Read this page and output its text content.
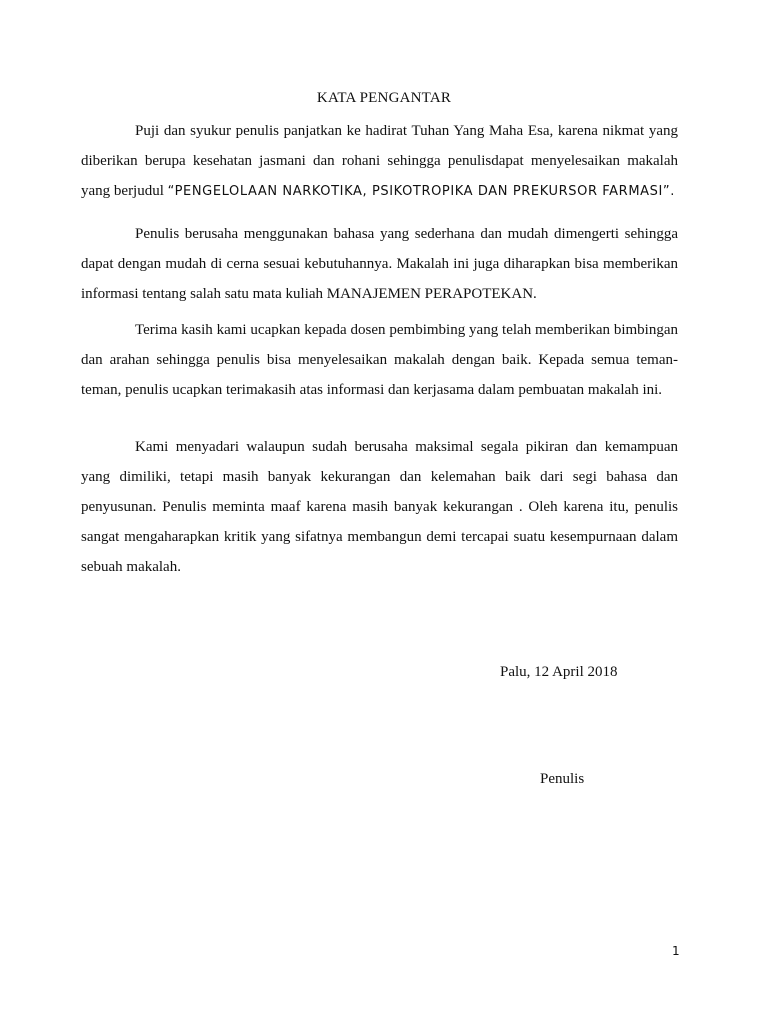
KATA PENGANTAR

Puji dan syukur penulis panjatkan ke hadirat Tuhan Yang Maha Esa, karena nikmat yang diberikan berupa kesehatan jasmani dan rohani sehingga penulisdapat menyelesaikan makalah yang berjudul “PENGELOLAAN NARKOTIKA, PSIKOTROPIKA DAN PREKURSOR FARMASI”.

Penulis berusaha menggunakan bahasa yang sederhana dan mudah dimengerti sehingga dapat dengan mudah di cerna sesuai kebutuhannya. Makalah ini juga diharapkan bisa memberikan informasi tentang salah satu mata kuliah MANAJEMEN PERAPOTEKAN.

Terima kasih kami ucapkan kepada dosen pembimbing yang telah memberikan bimbingan dan arahan sehingga penulis bisa menyelesaikan makalah dengan baik. Kepada semua teman-teman, penulis ucapkan terimakasih atas informasi dan kerjasama dalam pembuatan makalah ini.

Kami menyadari walaupun sudah berusaha maksimal segala pikiran dan kemampuan yang dimiliki, tetapi masih banyak kekurangan dan kelemahan baik dari segi bahasa dan penyusunan. Penulis meminta maaf karena masih banyak kekurangan . Oleh karena itu, penulis sangat mengaharapkan kritik yang sifatnya membangun demi tercapai suatu kesempurnaan dalam sebuah makalah.

Palu, 12 April 2018

Penulis

1
